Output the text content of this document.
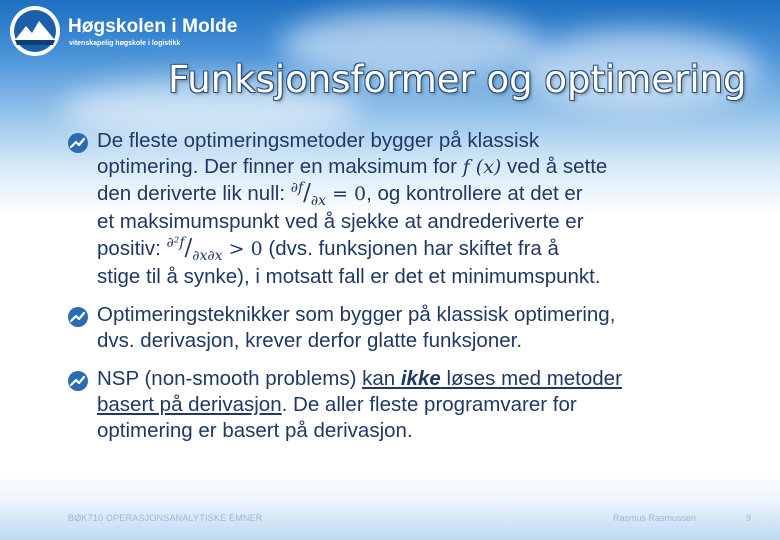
Høgskolen i Molde
vitenskapelig høgskole i logistikk
Funksjonsformer og optimering
De fleste optimeringsmetoder bygger på klassisk
optimering. Der finner en maksimum for f (x) ved å sette
den deriverte lik null: $^{\partial f}/_{\partial x} = 0$, og kontrollere at det er
et maksimumspunkt ved å sjekke at andrederiverte er
positiv: $^{\partial^2f}/_{\partial x\partial x} > 0$ (dvs. funksjonen har skiftet fra å
stige til å synke), i motsatt fall er det et minimumspunkt.
Optimeringsteknikker som bygger på klassisk optimering,
dvs. derivasjon, krever derfor glatte funksjoner.
NSP (non-smooth problems) kan ikke løses med metoder
basert på derivasjon. De aller fleste programvarer for
optimering er basert på derivasjon.
BØK710 OPERASJONSANALYTISKE EMNER	Rasmus Rasmussen	9
